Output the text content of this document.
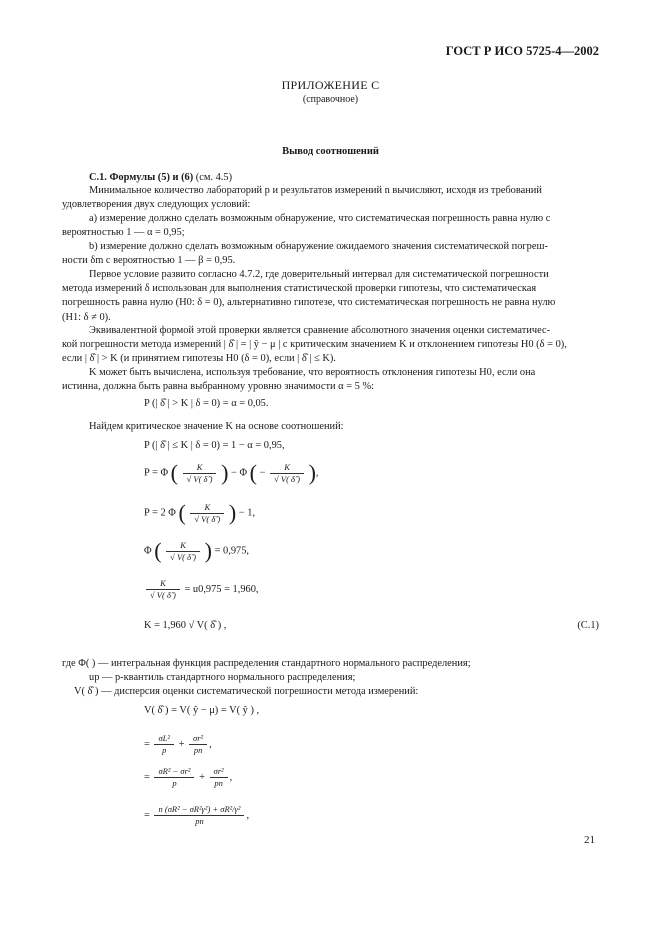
ГОСТ Р ИСО 5725-4—2002
ПРИЛОЖЕНИЕ С
(справочное)
Вывод соотношений
С.1. Формулы (5) и (6) (см. 4.5)
Минимальное количество лабораторий p и результатов измерений n вычисляют, исходя из требований
удовлетворения двух следующих условий:
а) измерение должно сделать возможным обнаружение, что систематическая погрешность равна нулю с
вероятностью 1 — α = 0,95;
b) измерение должно сделать возможным обнаружение ожидаемого значения систематической погреш-
ности δm с вероятностью 1 — β = 0,95.
Первое условие развито согласно 4.7.2, где доверительный интервал для систематической погрешности
метода измерений δ использован для выполнения статистической проверки гипотезы, что систематическая
погрешность равна нулю (H0: δ = 0), альтернативно гипотезе, что систематическая погрешность не равна нулю
(H1: δ ≠ 0).
Эквивалентной формой этой проверки является сравнение абсолютного значения оценки систематичес-
кой погрешности метода измерений | δ̂ | = | ŷ − μ | с критическим значением K и отклонением гипотезы H0 (δ = 0),
если | δ̂ | > K (и принятием гипотезы H0 (δ = 0), если | δ̂ | ≤ K).
K может быть вычислена, используя требование, что вероятность отклонения гипотезы H0, если она
истинна, должна быть равна выбранному уровню значимости α = 5 %:
P (| δ̂ | > K | δ = 0) = α = 0,05.
Найдем критическое значение K на основе соотношений:
P (| δ̂ | ≤ K | δ = 0) = 1 − α = 0,95,
P = Φ ( $\frac{K}{√ V( \deltâ )}$ ) − Φ ( − $\frac{K}{√ V( \deltâ )}$ ),
P = 2 Φ ( $\frac{K}{√ V( \deltâ )}$ ) − 1,
Φ ( $\frac{K}{√ V( \deltâ )}$ ) = 0,975,
$\frac{K}{√ V( \deltâ )} = u0,975 = 1,960$,
K = 1,960 √ V( δ̂ ) ,	(С.1)
где Φ( ) — интегральная функция распределения стандартного нормального распределения;
up — p-квантиль стандартного нормального распределения;
V( δ̂ ) — дисперсия оценки систематической погрешности метода измерений:
V( δ̂ ) = V( ŷ − μ) = V( ŷ ) ,
= $\frac{\text{σL²}}{p} + \frac{\text{σr²}}{pn}$ ,
= $\frac{\text{σR² − σr²}}{p} + \frac{\text{σr²}}{pn}$ ,
= $\frac{\text{n (σR² − σR²γ²) + σR²/γ²}}{pn}$ ,
21
